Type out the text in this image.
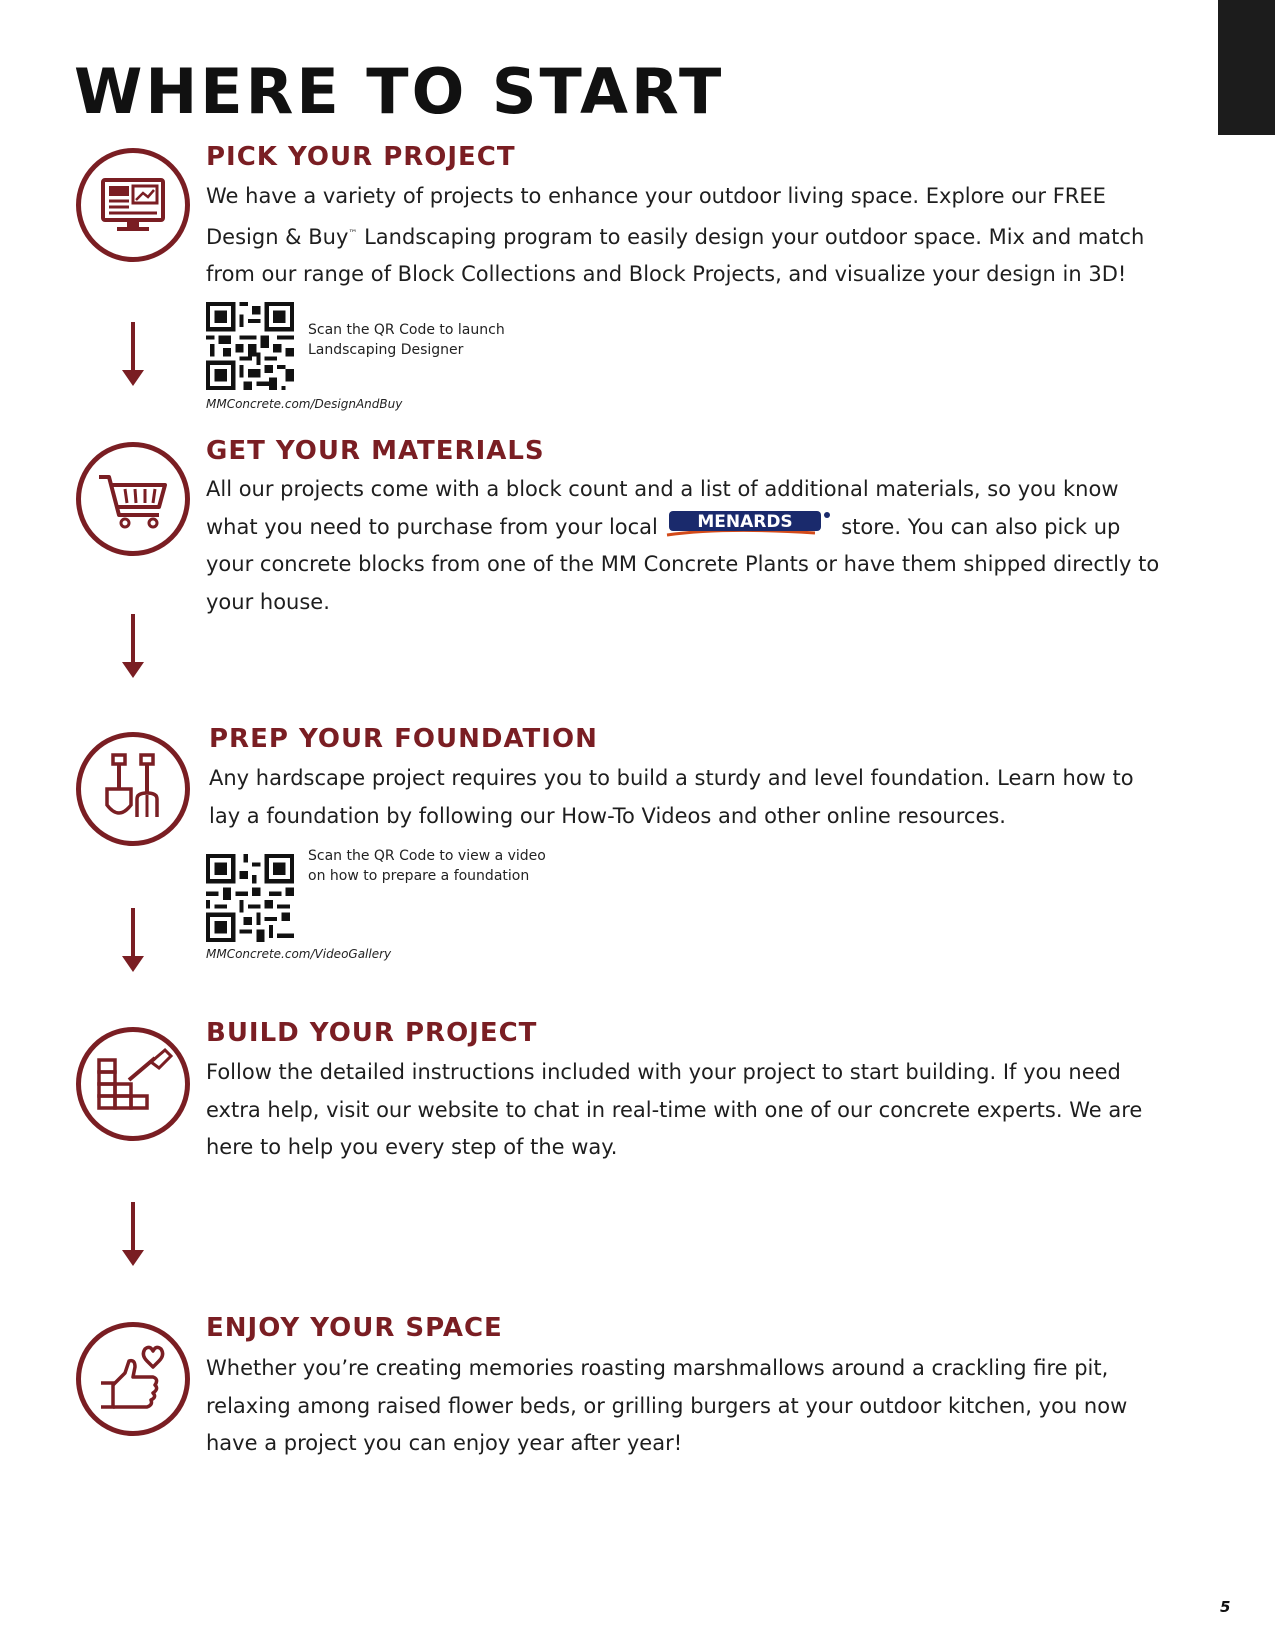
WHERE TO START
PICK YOUR PROJECT

We have a variety of projects to enhance your outdoor living space. Explore our FREE Design & Buy™ Landscaping program to easily design your outdoor space. Mix and match from our range of Block Collections and Block Projects, and visualize your design in 3D!

Scan the QR Code to launch
Landscaping Designer

MMConcrete.com/DesignAndBuy

GET YOUR MATERIALS

All our projects come with a block count and a list of additional materials, so you know what you need to purchase from your local MENARDS store. You can also pick up your concrete blocks from one of the MM Concrete Plants or have them shipped directly to your house.

PREP YOUR FOUNDATION

Any hardscape project requires you to build a sturdy and level foundation. Learn how to lay a foundation by following our How-To Videos and other online resources.

Scan the QR Code to view a video
on how to prepare a foundation

MMConcrete.com/VideoGallery

BUILD YOUR PROJECT

Follow the detailed instructions included with your project to start building. If you need extra help, visit our website to chat in real-time with one of our concrete experts. We are here to help you every step of the way.

ENJOY YOUR SPACE

Whether you’re creating memories roasting marshmallows around a crackling fire pit, relaxing among raised flower beds, or grilling burgers at your outdoor kitchen, you now have a project you can enjoy year after year!

5
